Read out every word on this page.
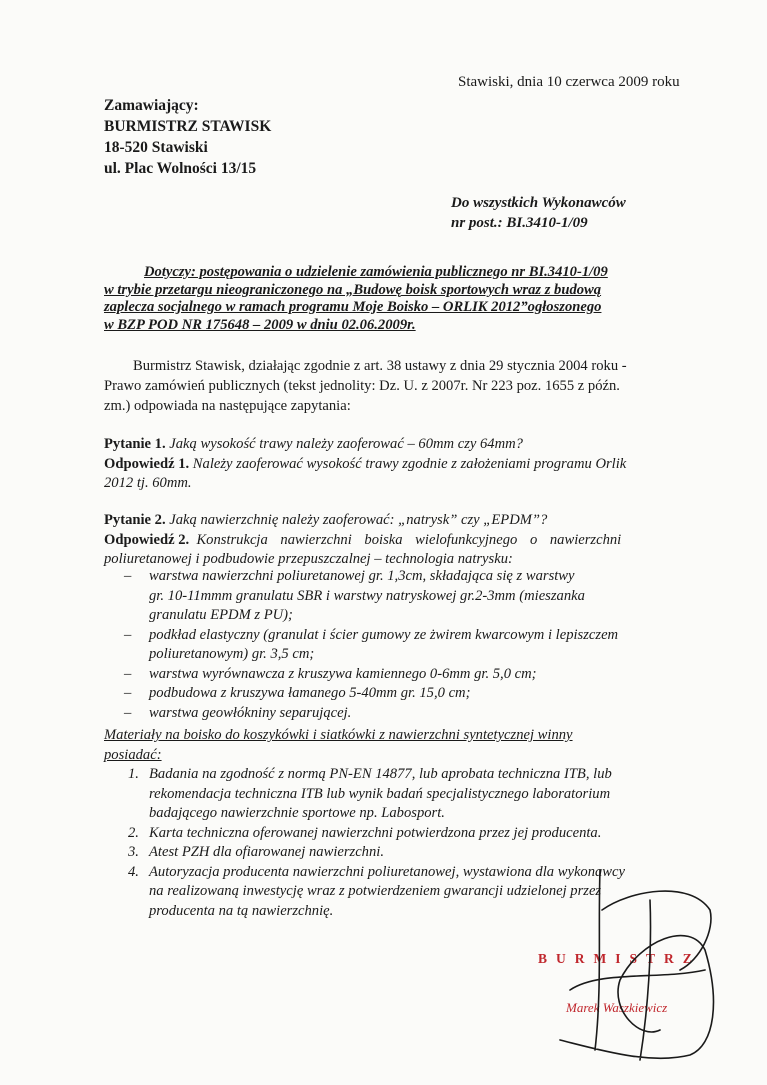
Stawiski, dnia 10 czerwca 2009 roku
Zamawiający:
BURMISTRZ STAWISK
18-520 Stawiski
ul. Plac Wolności 13/15
Do wszystkich Wykonawców
nr post.: BI.3410-1/09
Dotyczy: postępowania o udzielenie zamówienia publicznego nr BI.3410-1/09
w trybie przetargu nieograniczonego na „Budowę boisk sportowych wraz z budową
zaplecza socjalnego w ramach programu Moje Boisko – ORLIK 2012”ogłoszonego
w BZP POD NR 175648 – 2009 w dniu 02.06.2009r.
Burmistrz Stawisk, działając zgodnie z art. 38 ustawy z dnia 29 stycznia 2004 roku -
Prawo zamówień publicznych (tekst jednolity: Dz. U. z 2007r. Nr 223 poz. 1655 z późn.
zm.) odpowiada na następujące zapytania:
Pytanie 1. Jaką wysokość trawy należy zaoferować – 60mm czy 64mm?
Odpowiedź 1. Należy zaoferować wysokość trawy zgodnie z założeniami programu Orlik
2012 tj. 60mm.
Pytanie 2. Jaką nawierzchnię należy zaoferować: „natrysk” czy „EPDM”?
Odpowiedź 2. Konstrukcja nawierzchni boiska wielofunkcyjnego o nawierzchni
poliuretanowej i podbudowie przepuszczalnej – technologia natrysku:
–	warstwa nawierzchni poliuretanowej gr. 1,3cm, składająca się z warstwy
gr. 10-11mmm granulatu SBR i warstwy natryskowej gr.2-3mm (mieszanka
granulatu EPDM z PU);
–	podkład elastyczny (granulat i ścier gumowy ze żwirem kwarcowym i lepiszczem
poliuretanowym) gr. 3,5 cm;
–	warstwa wyrównawcza z kruszywa kamiennego 0-6mm gr. 5,0 cm;
–	podbudowa z kruszywa łamanego 5-40mm gr. 15,0 cm;
–	warstwa geowłókniny separującej.
Materiały na boisko do koszykówki i siatkówki z nawierzchni syntetycznej winny
posiadać:
1. Badania na zgodność z normą PN-EN 14877, lub aprobata techniczna ITB, lub
rekomendacja techniczna ITB lub wynik badań specjalistycznego laboratorium
badającego nawierzchnie sportowe np. Labosport.
2. Karta techniczna oferowanej nawierzchni potwierdzona przez jej producenta.
3. Atest PZH dla ofiarowanej nawierzchni.
4. Autoryzacja producenta nawierzchni poliuretanowej, wystawiona dla wykonawcy
na realizowaną inwestycję wraz z potwierdzeniem gwarancji udzielonej przez
producenta na tą nawierzchnię.
BURMISTRZ
Marek Waszkiewicz
